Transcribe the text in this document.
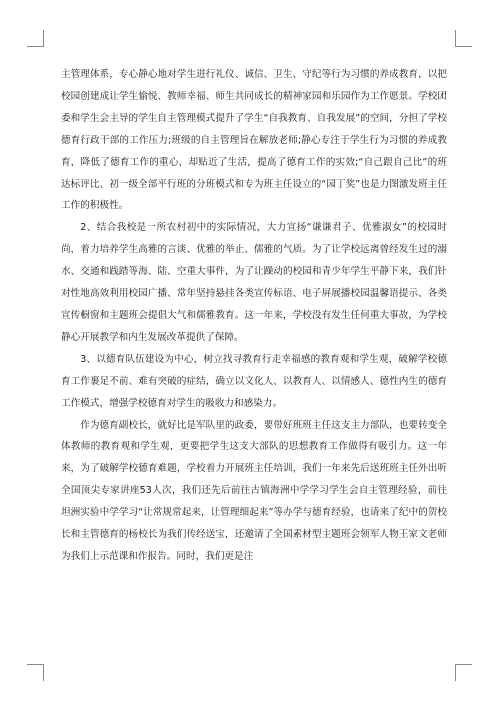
主管理体系，专心静心地对学生进行礼仪、诚信、卫生、守纪等行为习惯的养成教育，以把校园创建成让学生愉悦、教师幸福、师生共同成长的精神家园和乐园作为工作愿景。学校团委和学生会主导的学生自主管理模式提升了学生“自我教育、自我发展”的空间，分担了学校德育行政干部的工作压力;班级的自主管理旨在解放老师;静心专注于学生行为习惯的养成教育，降低了德育工作的重心，却贴近了生活，提高了德育工作的实效;“自己跟自己比”的班达标评比、初一级全部平行班的分班模式和专为班主任设立的“园丁奖”也是力图激发班主任工作的积极性。

2、结合我校是一所农村初中的实际情况，大力宣扬“谦谦君子、优雅淑女”的校园时尚，着力培养学生高雅的言谈、优雅的举止、儒雅的气质。为了让学校远离曾经发生过的溺水、交通和践踏等海、陆、空重大事件，为了让躁动的校园和青少年学生平静下来，我们针对性地高效利用校园广播、常年坚持悬挂各类宣传标语、电子屏展播校园温馨语提示、各类宣传橱窗和主题班会提倡大气和儒雅教育。这一年来，学校没有发生任何重大事故，为学校静心开展教学和内生发展改革提供了保障。

3、以德育队伍建设为中心，树立找寻教育行走幸福感的教育观和学生观，破解学校德育工作裹足不前、难有突破的症结，确立以文化人、以教育人、以情感人、德性内生的德育工作模式，增强学校德育对学生的吸收力和感染力。

作为德育副校长，就好比是军队里的政委，要带好班班主任这支主力部队，也要转变全体教师的教育观和学生观，更要把学生这支大部队的思想教育工作做得有吸引力。这一年来，为了破解学校德育难题，学校着力开展班主任培训，我们一年来先后送班班主任外出听全国顶尖专家讲座53人次，我们还先后前往古镇海洲中学学习学生会自主管理经验，前往坦洲实验中学学习“让常规常起来，让管理细起来”等办学与德育经验，也请来了纪中的贺校长和主管德育的杨校长为我们传经送宝，还邀请了全国素材型主题班会领军人物王家文老师为我们上示范课和作报告。同时，我们更是注
